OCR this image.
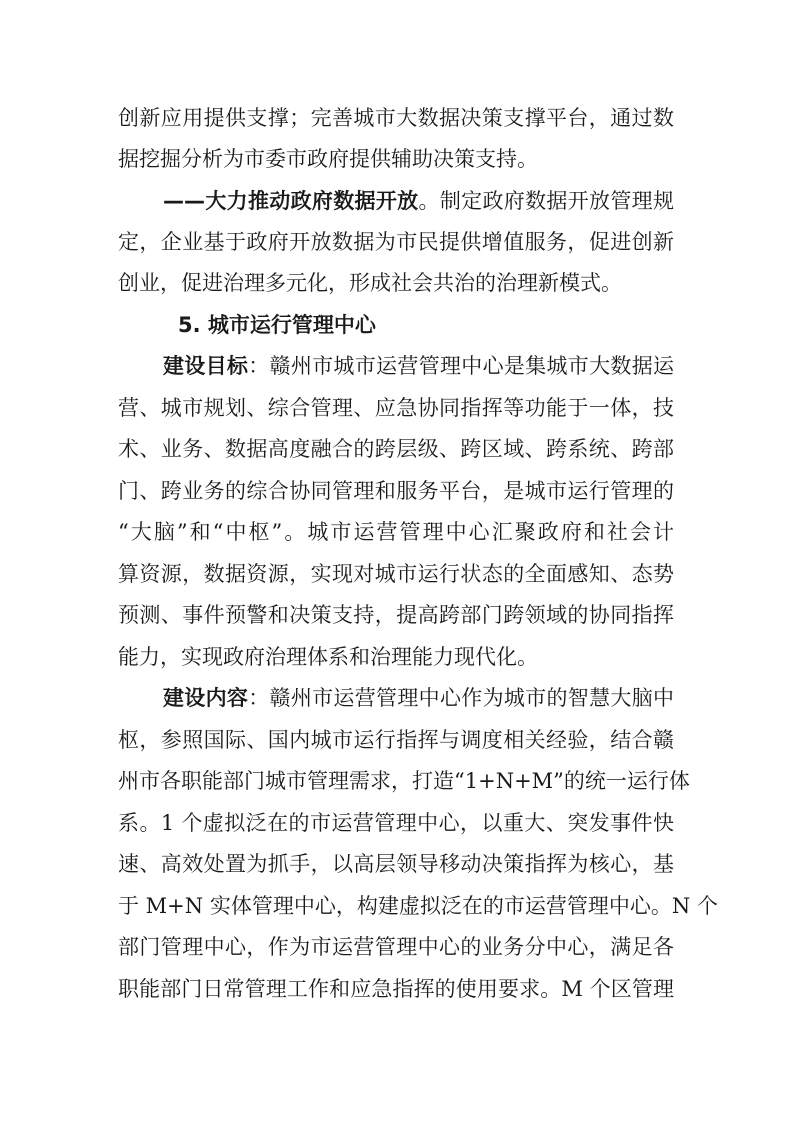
创新应用提供支撑；完善城市大数据决策支撑平台，通过数
据挖掘分析为市委市政府提供辅助决策支持。
——大力推动政府数据开放。制定政府数据开放管理规
定，企业基于政府开放数据为市民提供增值服务，促进创新
创业，促进治理多元化，形成社会共治的治理新模式。
5. 城市运行管理中心
建设目标：赣州市城市运营管理中心是集城市大数据运
营、城市规划、综合管理、应急协同指挥等功能于一体，技
术、业务、数据高度融合的跨层级、跨区域、跨系统、跨部
门、跨业务的综合协同管理和服务平台，是城市运行管理的
“大脑”和“中枢”。城市运营管理中心汇聚政府和社会计
算资源，数据资源，实现对城市运行状态的全面感知、态势
预测、事件预警和决策支持，提高跨部门跨领域的协同指挥
能力，实现政府治理体系和治理能力现代化。
建设内容：赣州市运营管理中心作为城市的智慧大脑中
枢，参照国际、国内城市运行指挥与调度相关经验，结合赣
州市各职能部门城市管理需求，打造“1+N+M”的统一运行体
系。1 个虚拟泛在的市运营管理中心，以重大、突发事件快
速、高效处置为抓手，以高层领导移动决策指挥为核心，基
于 M+N 实体管理中心，构建虚拟泛在的市运营管理中心。N 个
部门管理中心，作为市运营管理中心的业务分中心，满足各
职能部门日常管理工作和应急指挥的使用要求。M 个区管理
